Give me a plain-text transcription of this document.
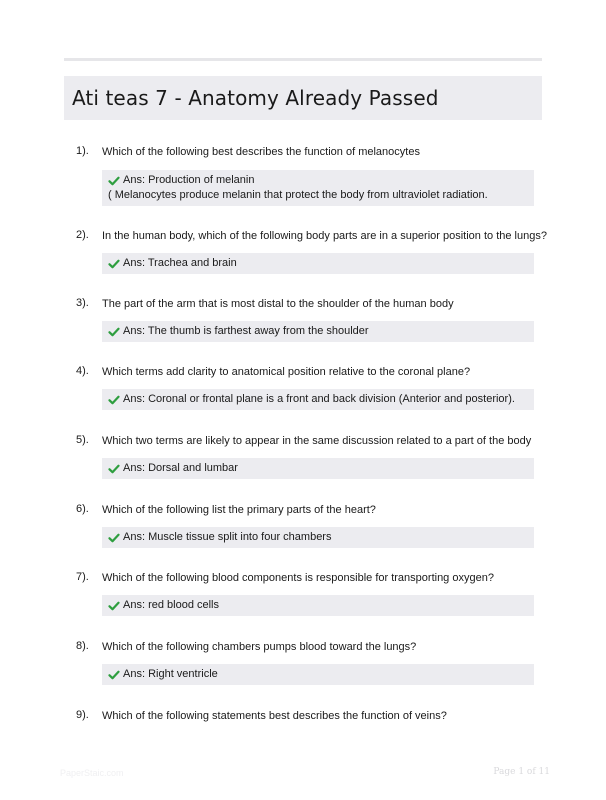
Ati teas 7 - Anatomy Already Passed
1). Which of the following best describes the function of melanocytes
Ans: Production of melanin
( Melanocytes produce melanin that protect the body from ultraviolet radiation.
2). In the human body, which of the following body parts are in a superior position to the lungs?
Ans: Trachea and brain
3). The part of the arm that is most distal to the shoulder of the human body
Ans: The thumb is farthest away from the shoulder
4). Which terms add clarity to anatomical position relative to the coronal plane?
Ans: Coronal or frontal plane is a front and back division (Anterior and posterior).
5). Which two terms are likely to appear in the same discussion related to a part of the body
Ans: Dorsal and lumbar
6). Which of the following list the primary parts of the heart?
Ans: Muscle tissue split into four chambers
7). Which of the following blood components is responsible for transporting oxygen?
Ans: red blood cells
8). Which of the following chambers pumps blood toward the lungs?
Ans: Right ventricle
9). Which of the following statements best describes the function of veins?
PaperStaic.com	Page 1 of 11
